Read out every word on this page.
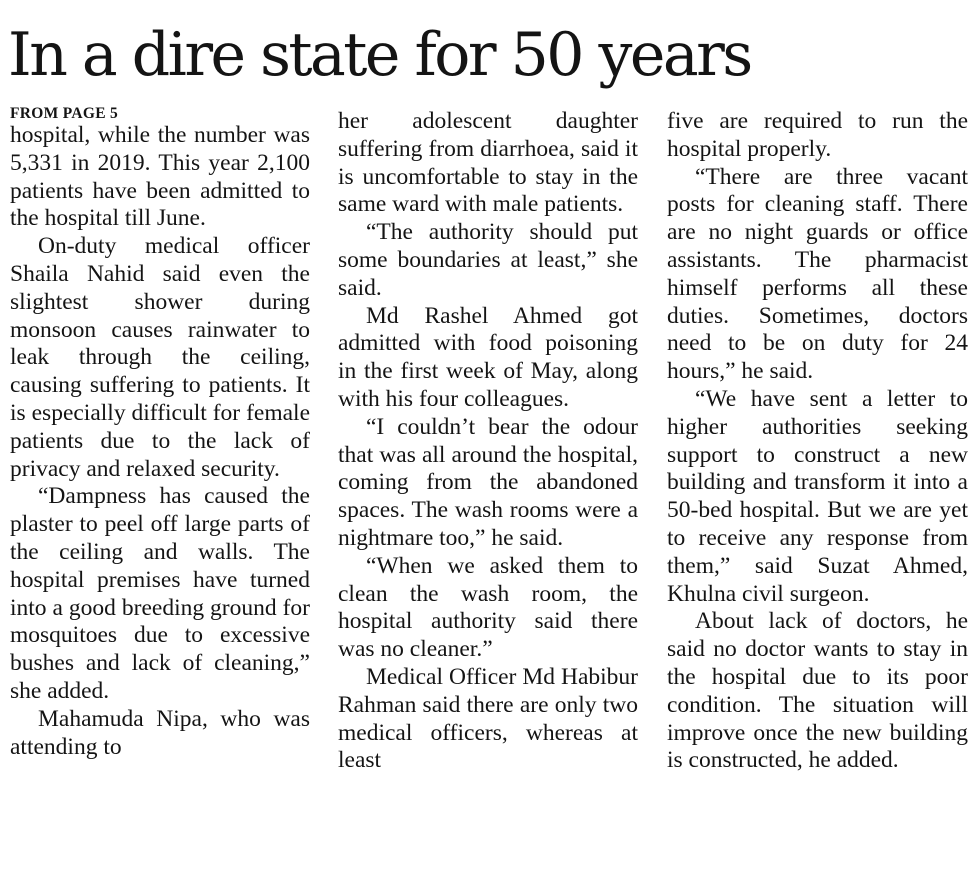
In a dire state for 50 years
FROM PAGE 5

hospital, while the number was 5,331 in 2019. This year 2,100 patients have been admitted to the hospital till June.

On-duty medical officer Shaila Nahid said even the slightest shower during monsoon causes rainwater to leak through the ceiling, causing suffering to patients. It is especially difficult for female patients due to the lack of privacy and relaxed security.

“Dampness has caused the plaster to peel off large parts of the ceiling and walls. The hospital premises have turned into a good breeding ground for mosquitoes due to excessive bushes and lack of cleaning,” she added.

Mahamuda Nipa, who was attending to

her adolescent daughter suffering from diarrhoea, said it is uncomfortable to stay in the same ward with male patients.

“The authority should put some boundaries at least,” she said.

Md Rashel Ahmed got admitted with food poisoning in the first week of May, along with his four colleagues.

“I couldn’t bear the odour that was all around the hospital, coming from the abandoned spaces. The wash rooms were a nightmare too,” he said.

“When we asked them to clean the wash room, the hospital authority said there was no cleaner.”

Medical Officer Md Habibur Rahman said there are only two medical officers, whereas at least

five are required to run the hospital properly.

“There are three vacant posts for cleaning staff. There are no night guards or office assistants. The pharmacist himself performs all these duties. Sometimes, doctors need to be on duty for 24 hours,” he said.

“We have sent a letter to higher authorities seeking support to construct a new building and transform it into a 50-bed hospital. But we are yet to receive any response from them,” said Suzat Ahmed, Khulna civil surgeon.

About lack of doctors, he said no doctor wants to stay in the hospital due to its poor condition. The situation will improve once the new building is constructed, he added.
